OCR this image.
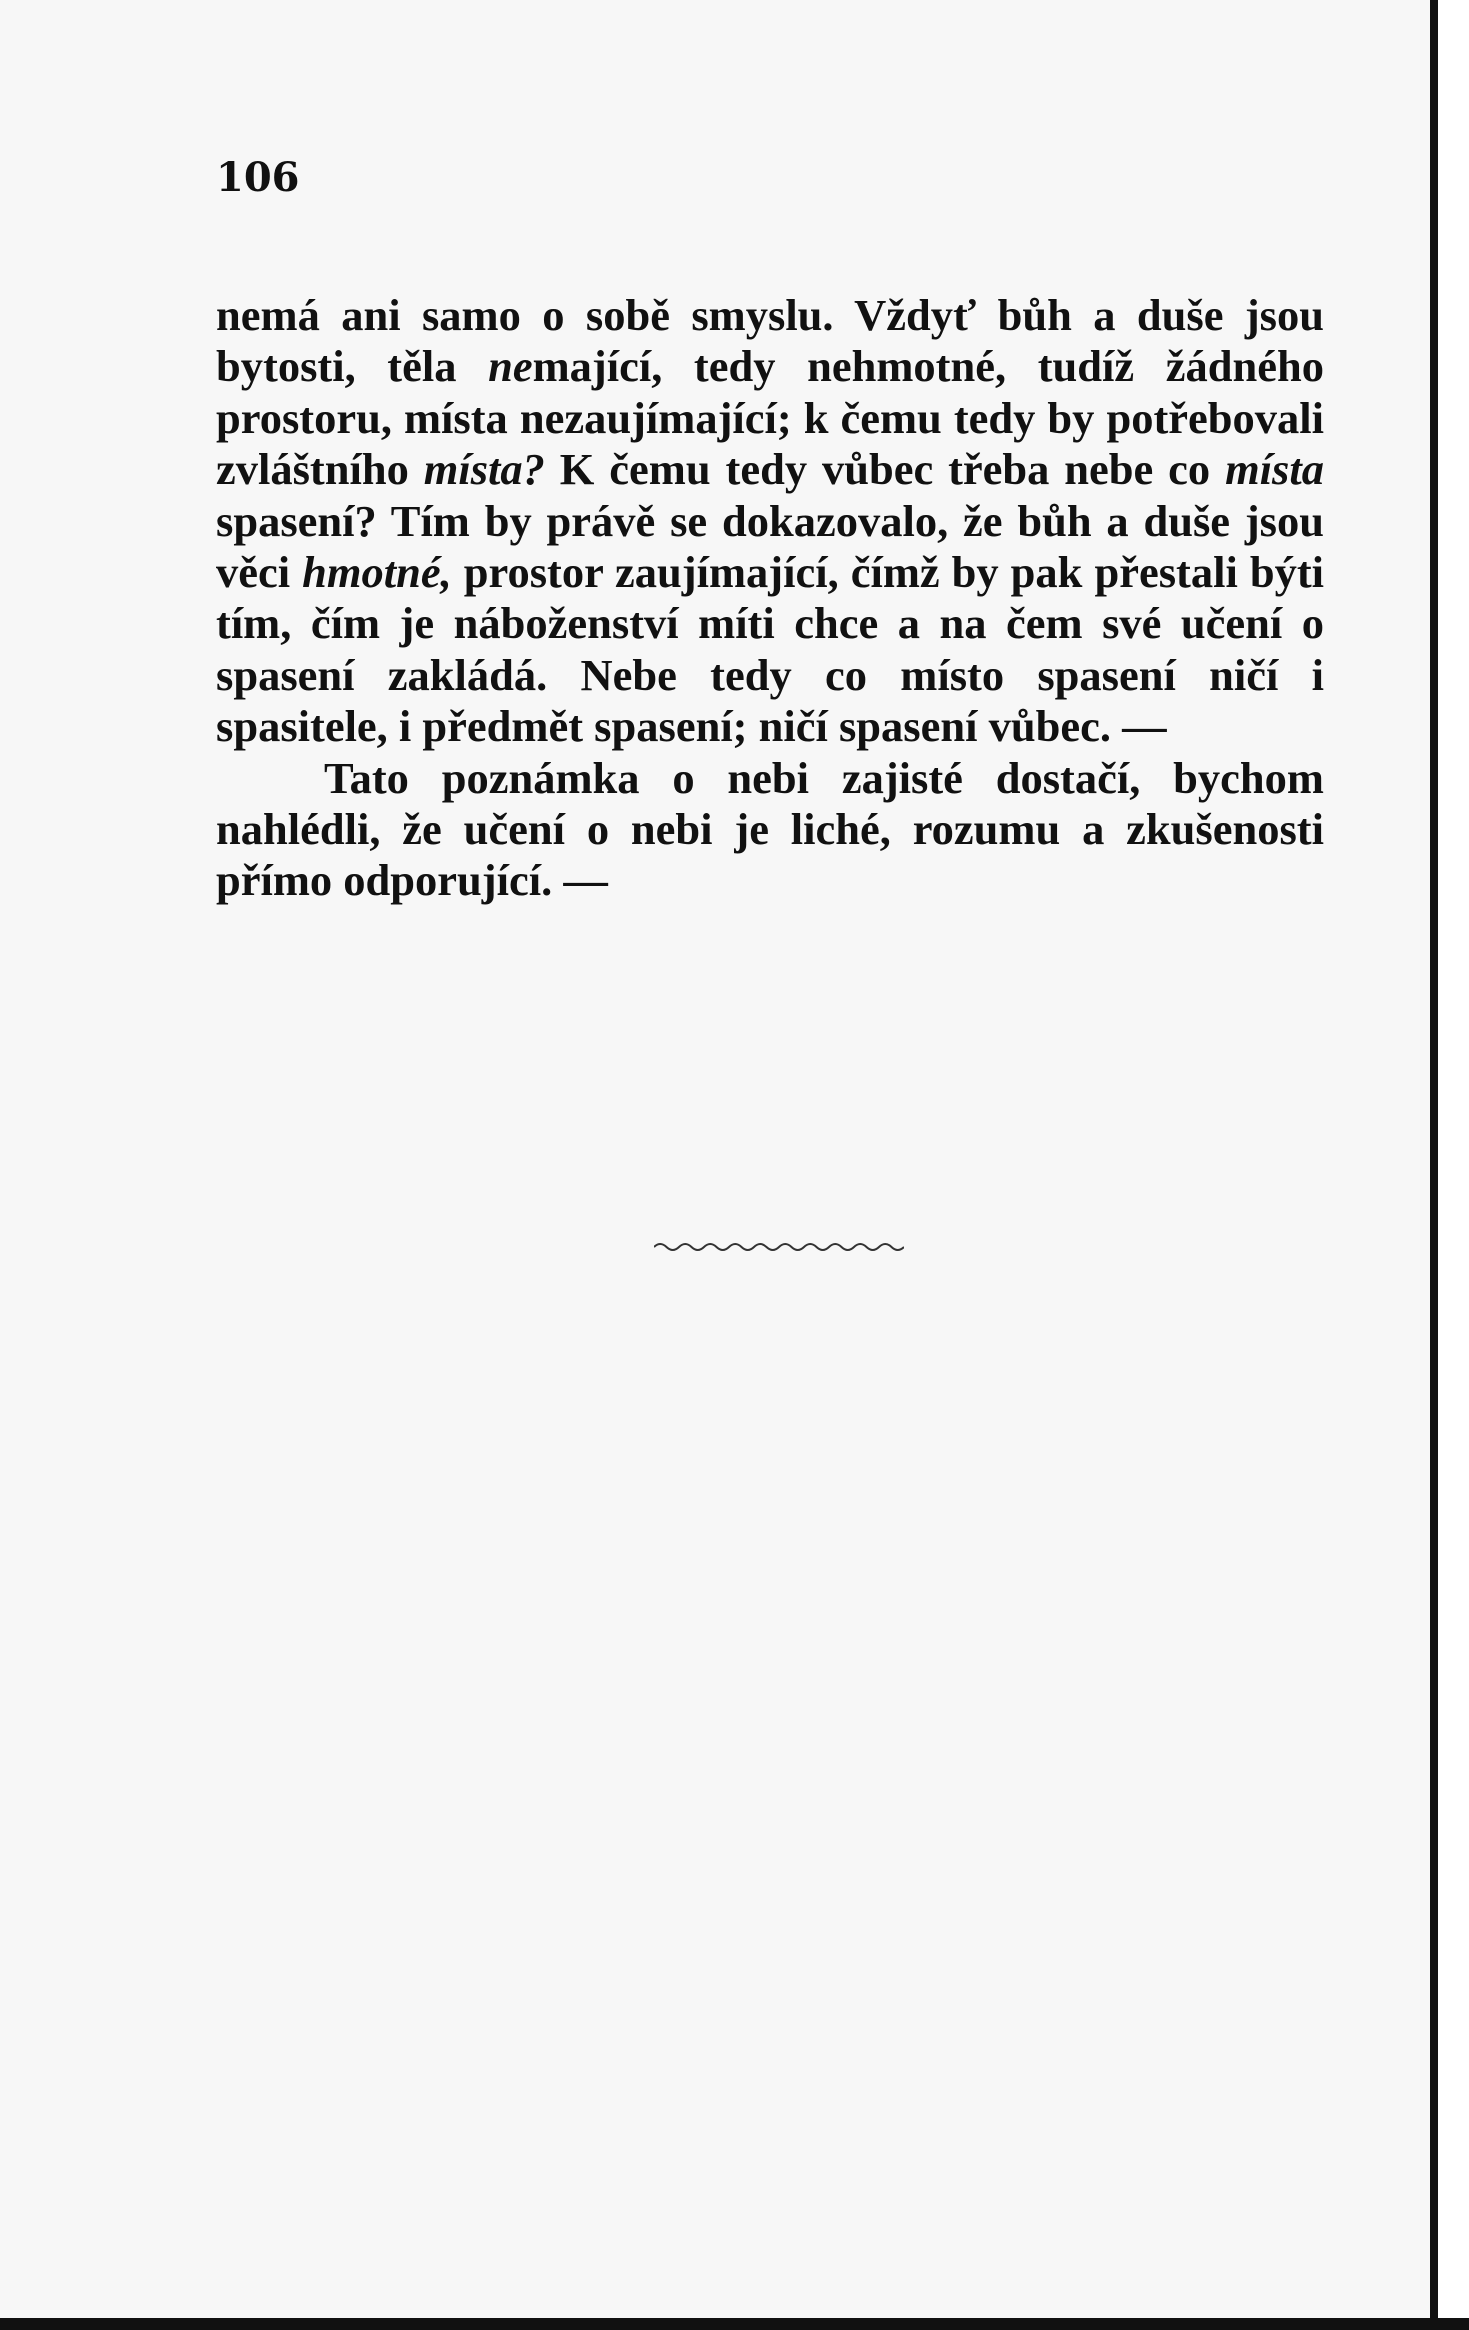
106

nemá ani samo o sobě smyslu. Vždyť bůh a duše jsou bytosti, těla nemající, tedy nehmotné, tudíž žádného prostoru, místa nezaujímající; k čemu tedy by potřebovali zvláštního místa? K čemu tedy vůbec třeba nebe co místa spasení? Tím by právě se dokazovalo, že bůh a duše jsou věci hmotné, prostor zaujímající, čímž by pak přestali býti tím, čím je náboženství míti chce a na čem své učení o spasení zakládá. Nebe tedy co místo spasení ničí i spasitele, i předmět spasení; ničí spasení vůbec. —

Tato poznámka o nebi zajisté dostačí, bychom nahlédli, že učení o nebi je liché, rozumu a zkušenosti přímo odporující. —
